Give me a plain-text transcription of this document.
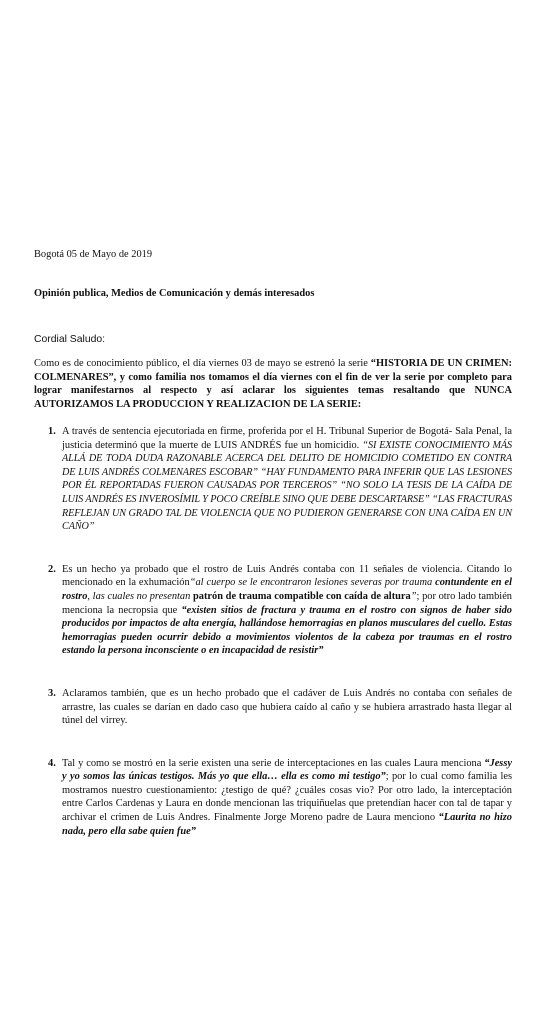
Bogotá 05 de Mayo de 2019
Opinión publica, Medios de Comunicación y demás interesados
Cordial Saludo:
Como es de conocimiento público, el día viernes 03 de mayo se estrenó la serie “HISTORIA DE UN CRIMEN: COLMENARES”, y como familia nos tomamos el día viernes con el fin de ver la serie por completo para lograr manifestarnos al respecto y así aclarar los siguientes temas resaltando que NUNCA AUTORIZAMOS LA PRODUCCION Y REALIZACION DE LA SERIE:
1. A través de sentencia ejecutoriada en firme, proferida por el H. Tribunal Superior de Bogotá- Sala Penal, la justicia determinó que la muerte de LUIS ANDRÉS fue un homicidio. “SI EXISTE CONOCIMIENTO MÁS ALLÁ DE TODA DUDA RAZONABLE ACERCA DEL DELITO DE HOMICIDIO COMETIDO EN CONTRA DE LUIS ANDRÉS COLMENARES ESCOBAR” “HAY FUNDAMENTO PARA INFERIR QUE LAS LESIONES POR ÉL REPORTADAS FUERON CAUSADAS POR TERCEROS” “NO SOLO LA TESIS DE LA CAÍDA DE LUIS ANDRÉS ES INVEROSÍMIL Y POCO CREÍBLE SINO QUE DEBE DESCARTARSE” “LAS FRACTURAS REFLEJAN UN GRADO TAL DE VIOLENCIA QUE NO PUDIERON GENERARSE CON UNA CAÍDA EN UN CAÑO”
2. Es un hecho ya probado que el rostro de Luis Andrés contaba con 11 señales de violencia. Citando lo mencionado en la exhumación“al cuerpo se le encontraron lesiones severas por trauma contundente en el rostro, las cuales no presentan patrón de trauma compatible con caída de altura”; por otro lado también menciona la necropsia que “existen sitios de fractura y trauma en el rostro con signos de haber sido producidos por impactos de alta energía, hallándose hemorragias en planos musculares del cuello. Estas hemorragias pueden ocurrir debido a movimientos violentos de la cabeza por traumas en el rostro estando la persona inconsciente o en incapacidad de resistir”
3. Aclaramos también, que es un hecho probado que el cadáver de Luis Andrés no contaba con señales de arrastre, las cuales se darían en dado caso que hubiera caído al caño y se hubiera arrastrado hasta llegar al túnel del virrey.
4. Tal y como se mostró en la serie existen una serie de interceptaciones en las cuales Laura menciona “Jessy y yo somos las únicas testigos. Más yo que ella… ella es como mi testigo”; por lo cual como familia les mostramos nuestro cuestionamiento: ¿testigo de qué? ¿cuáles cosas vio? Por otro lado, la interceptación entre Carlos Cardenas y Laura en donde mencionan las triquiñuelas que pretendían hacer con tal de tapar y archivar el crimen de Luis Andres. Finalmente Jorge Moreno padre de Laura menciono “Laurita no hizo nada, pero ella sabe quien fue”
